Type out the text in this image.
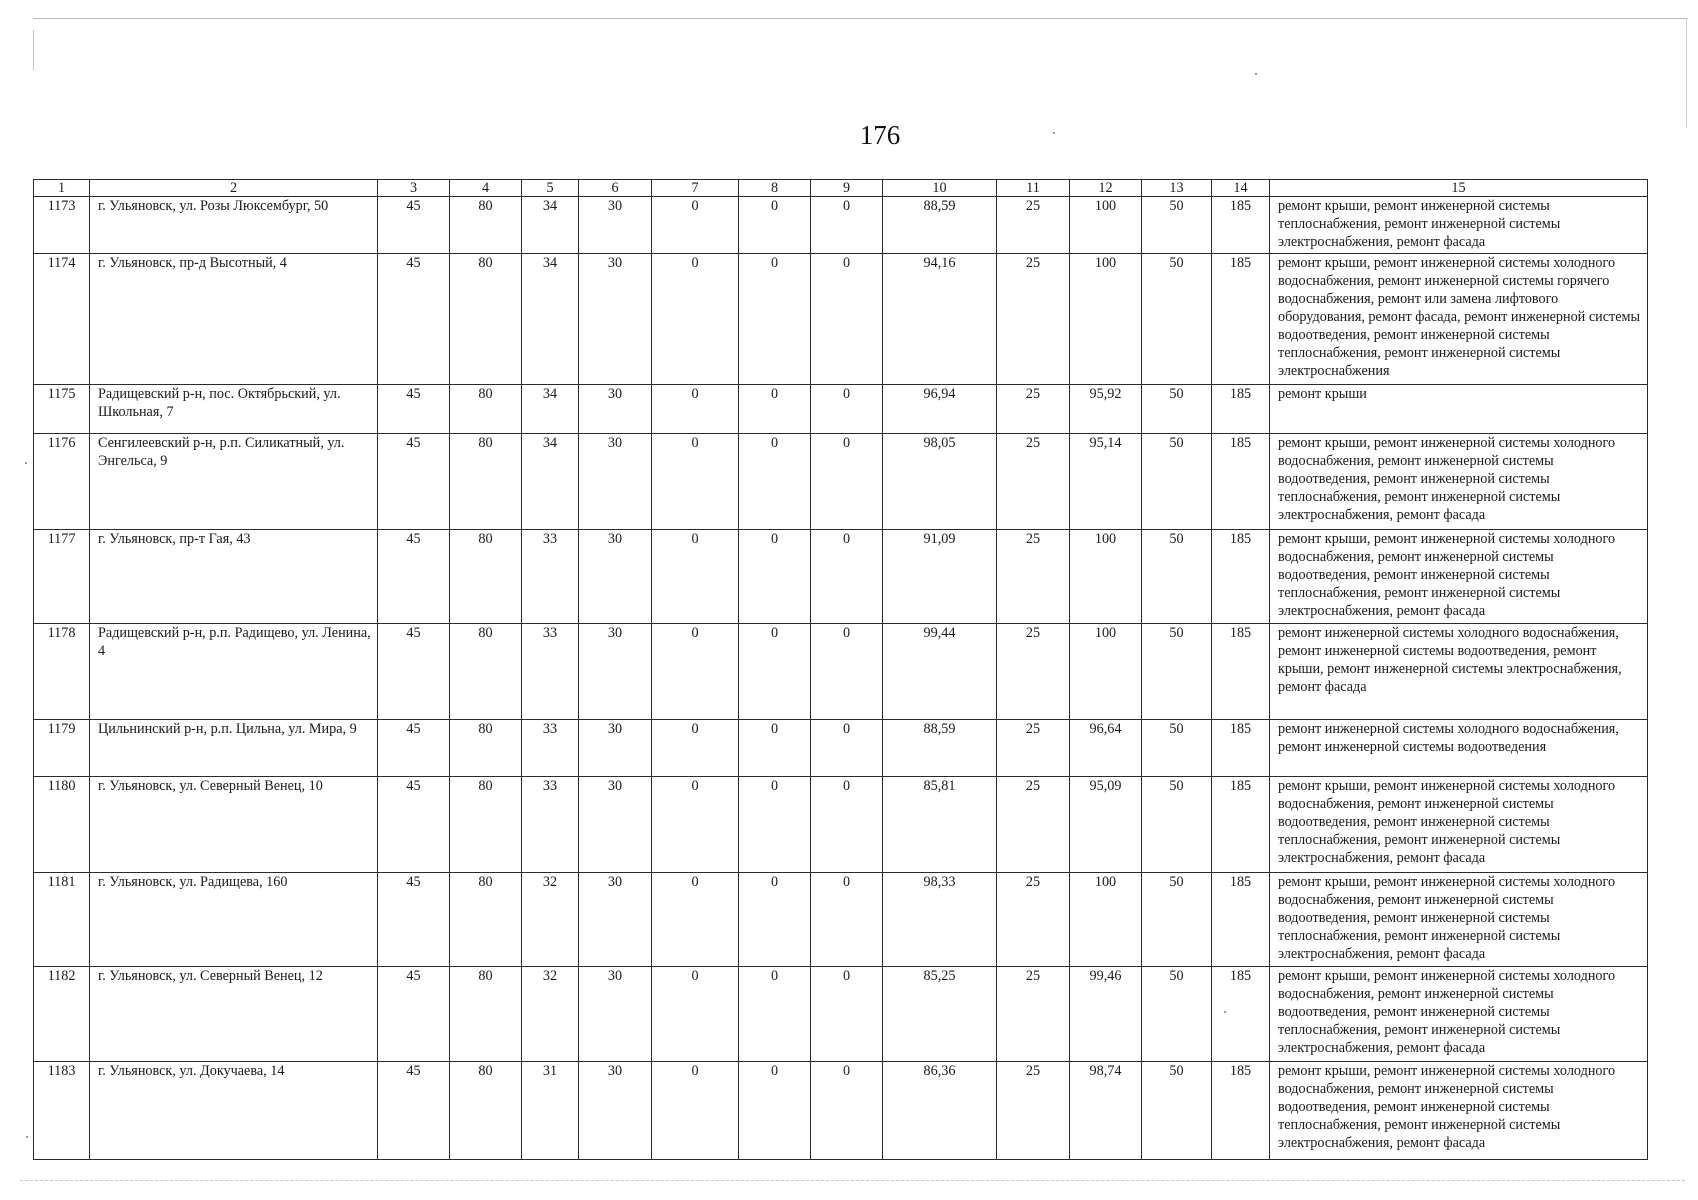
176
1	2	3	4	5	6	7	8	9	10	11	12	13	14	15
1173	г. Ульяновск, ул. Розы Люксембург, 50	45	80	34	30	0	0	0	88,59	25	100	50	185	ремонт крыши, ремонт инженерной системы теплоснабжения, ремонт инженерной системы электроснабжения, ремонт фасада
1174	г. Ульяновск, пр-д Высотный, 4	45	80	34	30	0	0	0	94,16	25	100	50	185	ремонт крыши, ремонт инженерной системы холодного водоснабжения, ремонт инженерной системы горячего водоснабжения, ремонт или замена лифтового оборудования, ремонт фасада, ремонт инженерной системы водоотведения, ремонт инженерной системы теплоснабжения, ремонт инженерной системы электроснабжения
1175	Радищевский р-н, пос. Октябрьский, ул. Школьная, 7	45	80	34	30	0	0	0	96,94	25	95,92	50	185	ремонт крыши
1176	Сенгилеевский р-н, р.п. Силикатный, ул. Энгельса, 9	45	80	34	30	0	0	0	98,05	25	95,14	50	185	ремонт крыши, ремонт инженерной системы холодного водоснабжения, ремонт инженерной системы водоотведения, ремонт инженерной системы теплоснабжения, ремонт инженерной системы электроснабжения, ремонт фасада
1177	г. Ульяновск, пр-т Гая, 43	45	80	33	30	0	0	0	91,09	25	100	50	185	ремонт крыши, ремонт инженерной системы холодного водоснабжения, ремонт инженерной системы водоотведения, ремонт инженерной системы теплоснабжения, ремонт инженерной системы электроснабжения, ремонт фасада
1178	Радищевский р-н, р.п. Радищево, ул. Ленина, 4	45	80	33	30	0	0	0	99,44	25	100	50	185	ремонт инженерной системы холодного водоснабжения, ремонт инженерной системы водоотведения, ремонт крыши, ремонт инженерной системы электроснабжения, ремонт фасада
1179	Цильнинский р-н, р.п. Цильна, ул. Мира, 9	45	80	33	30	0	0	0	88,59	25	96,64	50	185	ремонт инженерной системы холодного водоснабжения, ремонт инженерной системы водоотведения
1180	г. Ульяновск, ул. Северный Венец, 10	45	80	33	30	0	0	0	85,81	25	95,09	50	185	ремонт крыши, ремонт инженерной системы холодного водоснабжения, ремонт инженерной системы водоотведения, ремонт инженерной системы теплоснабжения, ремонт инженерной системы электроснабжения, ремонт фасада
1181	г. Ульяновск, ул. Радищева, 160	45	80	32	30	0	0	0	98,33	25	100	50	185	ремонт крыши, ремонт инженерной системы холодного водоснабжения, ремонт инженерной системы водоотведения, ремонт инженерной системы теплоснабжения, ремонт инженерной системы электроснабжения, ремонт фасада
1182	г. Ульяновск, ул. Северный Венец, 12	45	80	32	30	0	0	0	85,25	25	99,46	50	185	ремонт крыши, ремонт инженерной системы холодного водоснабжения, ремонт инженерной системы водоотведения, ремонт инженерной системы теплоснабжения, ремонт инженерной системы электроснабжения, ремонт фасада
1183	г. Ульяновск, ул. Докучаева, 14	45	80	31	30	0	0	0	86,36	25	98,74	50	185	ремонт крыши, ремонт инженерной системы холодного водоснабжения, ремонт инженерной системы водоотведения, ремонт инженерной системы теплоснабжения, ремонт инженерной системы электроснабжения, ремонт фасада
